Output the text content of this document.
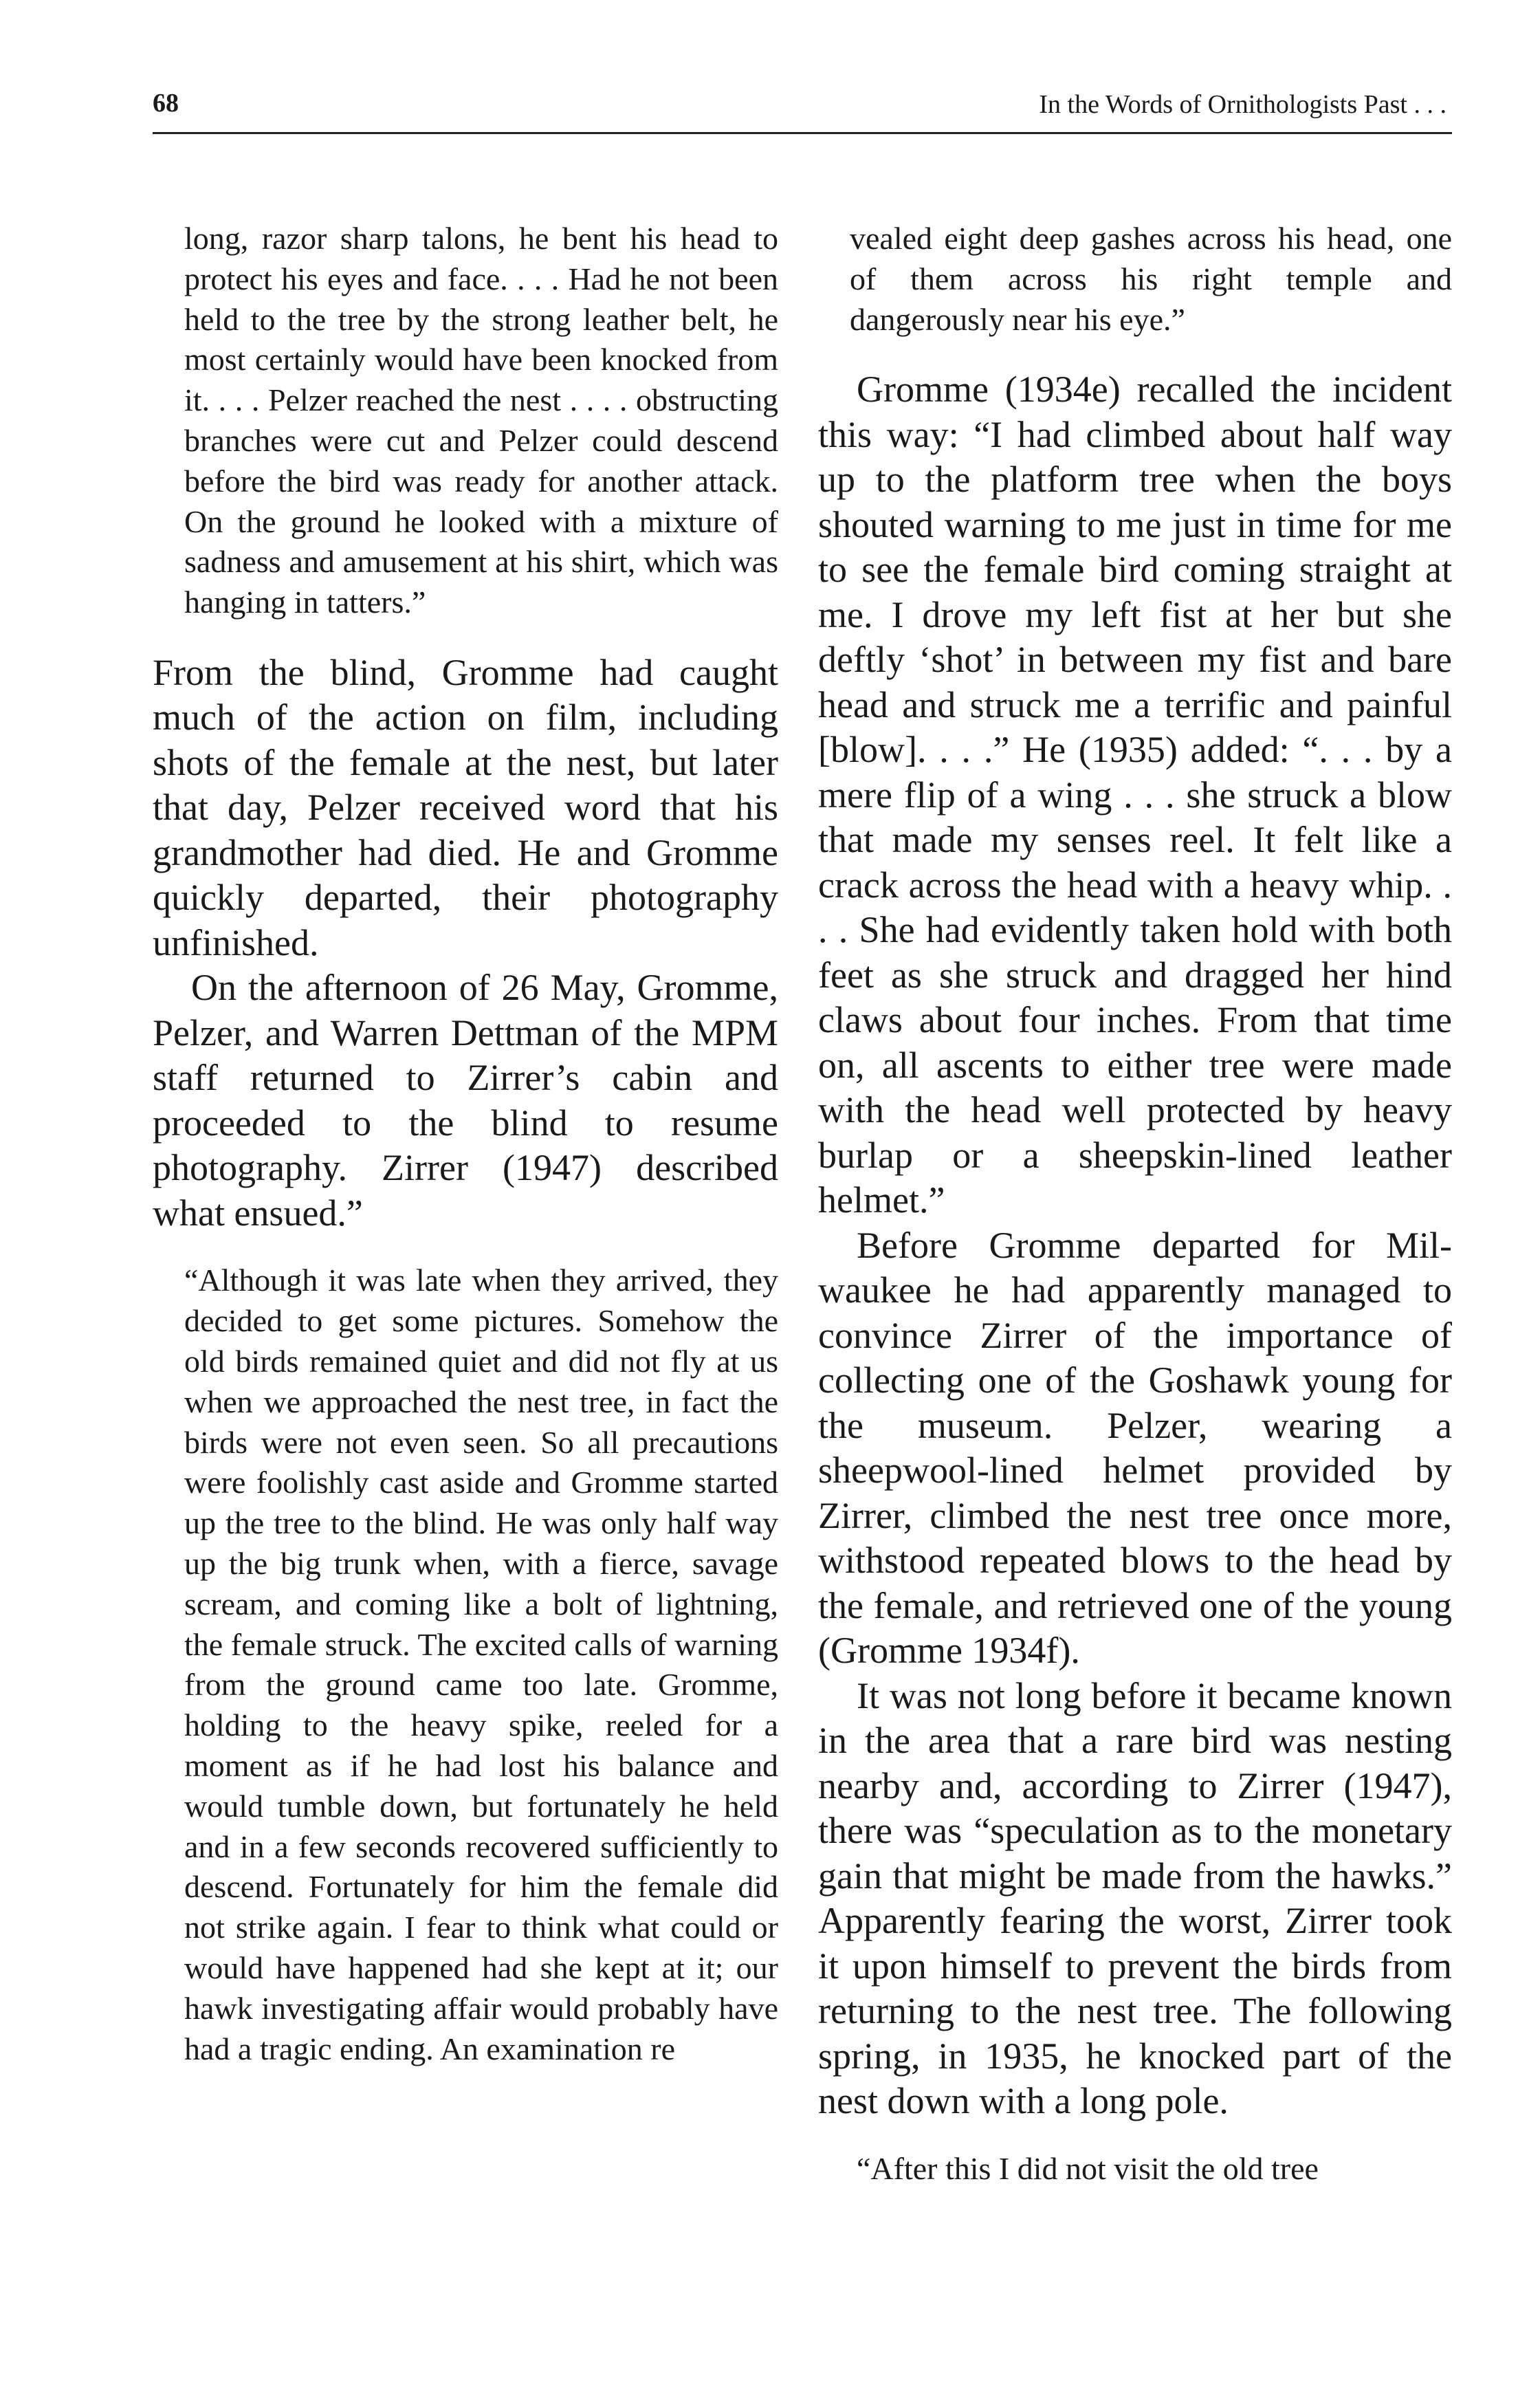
68	In the Words of Ornithologists Past . . .

long, razor sharp talons, he bent his head to protect his eyes and face. . . . Had he not been held to the tree by the strong leather belt, he most certainly would have been knocked from it. . . . Pelzer reached the nest . . . . obstructing branches were cut and Pelzer could descend before the bird was ready for another attack. On the ground he looked with a mixture of sadness and amusement at his shirt, which was hanging in tatters.”

From the blind, Gromme had caught much of the action on film, including shots of the female at the nest, but later that day, Pelzer received word that his grandmother had died. He and Gromme quickly departed, their photography unfinished.

On the afternoon of 26 May, Gromme, Pelzer, and Warren Dettman of the MPM staff returned to Zirrer’s cabin and proceeded to the blind to resume photography. Zirrer (1947) described what ensued.”

“Although it was late when they arrived, they decided to get some pictures. Somehow the old birds remained quiet and did not fly at us when we approached the nest tree, in fact the birds were not even seen. So all precautions were foolishly cast aside and Gromme started up the tree to the blind. He was only half way up the big trunk when, with a fierce, savage scream, and coming like a bolt of lightning, the female struck. The excited calls of warning from the ground came too late. Gromme, holding to the heavy spike, reeled for a moment as if he had lost his balance and would tumble down, but fortunately he held and in a few seconds recovered sufficiently to descend. Fortunately for him the female did not strike again. I fear to think what could or would have happened had she kept at it; our hawk investigating affair would probably have had a tragic ending. An examination re

vealed eight deep gashes across his head, one of them across his right temple and dangerously near his eye.”

Gromme (1934e) recalled the incident this way: “I had climbed about half way up to the platform tree when the boys shouted warning to me just in time for me to see the female bird coming straight at me. I drove my left fist at her but she deftly ‘shot’ in between my fist and bare head and struck me a terrific and painful [blow]. . . .” He (1935) added: “. . . by a mere flip of a wing . . . she struck a blow that made my senses reel. It felt like a crack across the head with a heavy whip. . . . She had evidently taken hold with both feet as she struck and dragged her hind claws about four inches. From that time on, all ascents to either tree were made with the head well protected by heavy burlap or a sheepskin-lined leather helmet.”

Before Gromme departed for Milwaukee he had apparently managed to convince Zirrer of the importance of collecting one of the Goshawk young for the museum. Pelzer, wearing a sheepwool-lined helmet provided by Zirrer, climbed the nest tree once more, withstood repeated blows to the head by the female, and retrieved one of the young (Gromme 1934f).

It was not long before it became known in the area that a rare bird was nesting nearby and, according to Zirrer (1947), there was “speculation as to the monetary gain that might be made from the hawks.” Apparently fearing the worst, Zirrer took it upon himself to prevent the birds from returning to the nest tree. The following spring, in 1935, he knocked part of the nest down with a long pole.

“After this I did not visit the old tree
